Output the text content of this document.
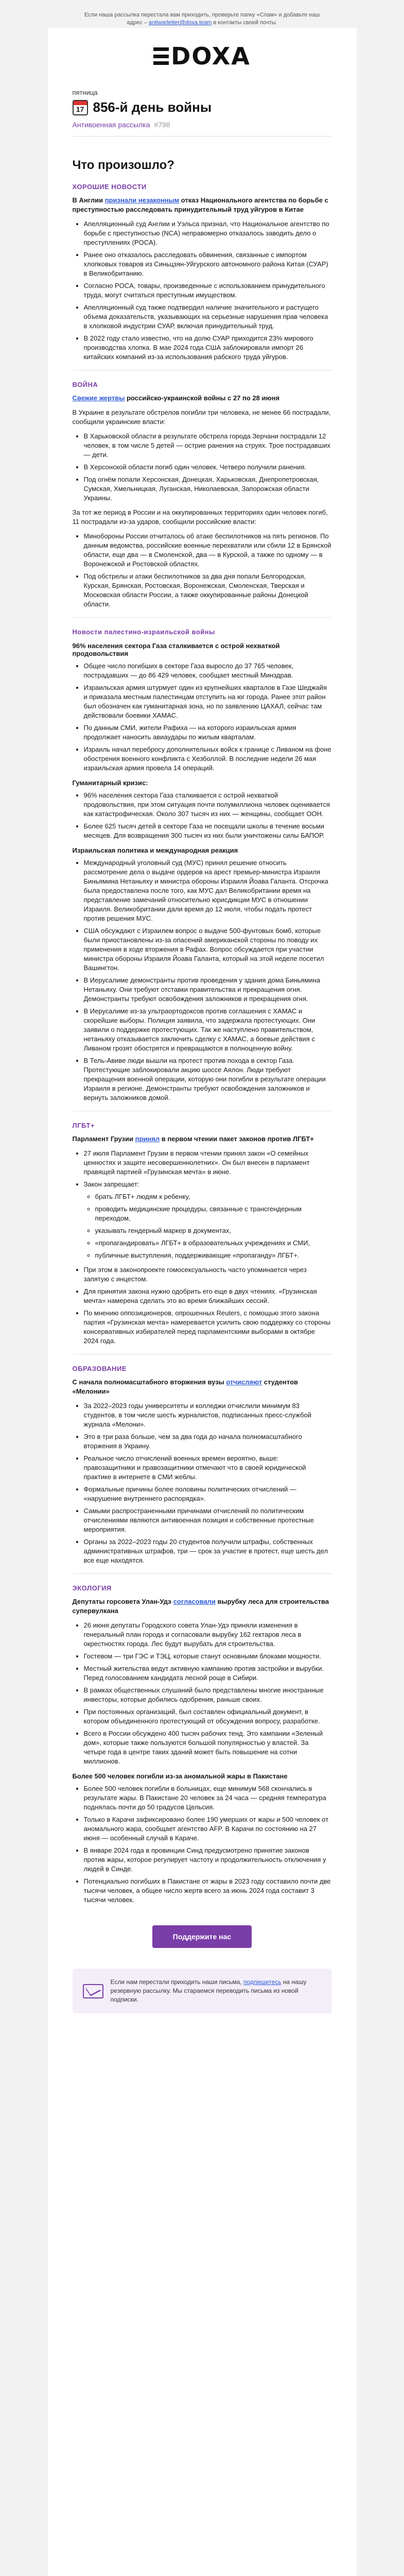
Если наша рассылка перестала вам приходить, проверьте папку «Спам» и добавьте наш
адрес – antiwarletter@doxa.team в контакты своей почты.
DOXA
пятница
17 856-й день войны
Антивоенная рассылка #798
Что произошло?
ХОРОШИЕ НОВОСТИ

В Англии признали незаконным отказ Национального агентства по борьбе с преступностью расследовать принудительный труд уйгуров в Китае

• Апелляционный суд Англии и Уэльса признал, что Национальное агентство по борьбе с преступностью (NCA) неправомерно отказалось заводить дело о преступлениях (POCA).
• Ранее оно отказалось расследовать обвинения, связанные с импортом хлопковых товаров из Синьцзян-Уйгурского автономного района Китая (СУАР) в Великобританию.
• Согласно POCA, товары, произведенные с использованием принудительного труда, могут считаться преступным имуществом.
• Апелляционный суд также подтвердил наличие значительного и растущего объема доказательств, указывающих на серьезные нарушения прав человека в хлопковой индустрии СУАР, включая принудительный труд.
• В 2022 году стало известно, что на долю СУАР приходится 23% мирового производства хлопка. В мае 2024 года США заблокировали импорт 26 китайских компаний из-за использования рабского труда уйгуров.
ВОЙНА

Свежие жертвы российско-украинской войны с 27 по 28 июня

В Украине в результате обстрелов погибли три человека, не менее 66 пострадали, сообщили украинские власти:

• В Харьковской области в результате обстрела города Зерчани пострадали 12 человек, в том числе 5 детей — острие ранения на струях. Трое пострадавших — дети.
• В Херсонской области погиб один человек. Четверо получили ранения.
• Под огнём попали Херсонская, Донецкая, Харьковская, Днепропетровская, Сумская, Хмельницкая, Луганская, Николаевская, Запорожская области Украины.

За тот же период в России и на оккупированных территориях один человек погиб, 11 пострадали из-за ударов, сообщили российские власти:

• Минобороны России отчиталось об атаке беспилотников на пять регионов. По данным ведомства, российские военные перехватили или сбили 12 в Брянской области, еще два — в Смоленской, два — в Курской, а также по одному — в Воронежской и Ростовской областях.
• Под обстрелы и атаки беспилотников за два дня попали Белгородская, Курская, Брянская, Ростовская, Воронежская, Смоленская, Тверская и Московская области России, а также оккупированные районы Донецкой области.
Новости палестино-израильской войны
96% населения сектора Газа сталкивается с острой нехваткой продовольствия
• Общее число погибших в секторе Газа выросло до 37 765 человек, пострадавших — до 86 429 человек, сообщает местный Минздрав.
• Израильская армия штурмует один из крупнейших кварталов в Газе Шеджайя и приказала местным палестинцам отступить на юг города. Ранее этот район был обозначен как гуманитарная зона, но по заявлению ЦАХАЛ, сейчас там действовали боевики ХАМАС.
• По данным СМИ, жители Рафиха — на которого израильская армия продолжает наносить авиаудары по жилым кварталам.
• Израиль начал перебросу дополнительных войск к границе с Ливаном на фоне обострения военного конфликта с Хезболлой. В последние недели 26 мая израильская армия провела 14 операций.
Гуманитарный кризис:
• 96% населения сектора Газа сталкивается с острой нехваткой продовольствия, при этом ситуация почти полумиллиона человек оценивается как катастрофическая. Около 307 тысяч из них — женщины, сообщает ООН.
• Более 625 тысяч детей в секторе Газа не посещали школы в течение восьми месяцев. Для возвращения 300 тысяч из них были уничтожены силы БАПОР.
Израильская политика и международная реакция
• Международный уголовный суд (МУС) принял решение относить рассмотрение дела о выдаче ордеров на арест премьер-министра Израиля Биньямина Нетаньяху и министра обороны Израиля Йоава Галанта. Отсрочка была предоставлена после того, как МУС дал Великобритании время на представление замечаний относительно юрисдикции МУС в отношении Израиля. Великобритании дали время до 12 июля, чтобы подать протест против решения МУС.
• США обсуждают с Израилем вопрос о выдаче 500-фунтовых бомб, которые были приостановлены из-за опасений американской стороны по поводу их применения в ходе вторжения в Рафах. Вопрос обсуждается при участии министра обороны Израиля Йоава Галанта, который на этой неделе посетил Вашингтон.
• В Иерусалиме демонстранты против проведения у здания дома Биньямина Нетаньяху. Они требуют отставки правительства и прекращения огня. Демонстранты требуют освобождения заложников и прекращения огня.
• В Иерусалиме из-за ультраортодоксов против соглашения с ХАМАС и скорейшие выборы. Полиция заявила, что задержала протестующих. Они заявили о поддержке протестующих. Так же наступлено правительством, нетаньяху отказывается заключить сделку с ХАМАС, а боевые действия с Ливаном грозят обострятся и превращаются в полноценную войну.
• В Тель-Авиве люди вышли на протест против похода в сектор Газа. Протестующие заблокировали акцию шоссе Аялон. Люди требуют прекращения военной операции, которую они погибли в результате операции Израиля в регионе. Демонстранты требуют освобождения заложников и вернуть заложников домой.
ЛГБТ+

Парламент Грузии принял в первом чтении пакет законов против ЛГБТ+

• 27 июля Парламент Грузии в первом чтении принял закон «О семейных ценностях и защите несовершеннолетних». Он был внесен в парламент правящей партией «Грузинская мечта» в июне.
• Закон запрещает:
◦ брать ЛГБТ+ людям к ребенку,
◦ проводить медицинские процедуры, связанные с трансгендерным переходом,
◦ указывать гендерный маркер в документах,
◦ «пропагандировать» ЛГБТ+ в образовательных учреждениях и СМИ,
◦ публичные выступления, поддерживающие «пропаганду» ЛГБТ+.
• При этом в законопроекте гомосексуальность часто упоминается через запятую с инцестом.
• Для принятия закона нужно одобрить его еще в двух чтениях. «Грузинская мечта» намерена сделать это во время ближайших сессий.
• По мнению оппозиционеров, опрошенных Reuters, с помощью этого закона партия «Грузинская мечта» намеревается усилить свою поддержку со стороны консервативных избирателей перед парламентскими выборами в октябре 2024 года.
ОБРАЗОВАНИЕ

С начала полномасштабного вторжения вузы отчисляют студентов «Мелонии»

• За 2022–2023 годы университеты и колледжи отчислили минимум 83 студентов, в том числе шесть журналистов, подписанных пресс-службой журнала «Мелони».
• Это в три раза больше, чем за два года до начала полномасштабного вторжения в Украину.
• Реальное число отчислений военных времен вероятно, выше: правозащитники и правозащитники отмечают что в своей юридической практике в интернете в СМИ жеблы.
• Формальные причины более половины политических отчислений — «нарушение внутреннего распорядка».
• Самыми распространенными причинами отчислений по политическим отчислениями являются антивоенная позиция и собственные протестные мероприятия.
• Органы за 2022–2023 годы 20 студентов получили штрафы, собственных административных штрафов, три — срок за участие в протест, еще шесть дел все еще находятся.
ЭКОЛОГИЯ

Депутаты горсовета Улан-Удэ согласовали вырубку леса для строительства супервулкана

• 26 июня депутаты Городского совета Улан-Удэ приняли изменения в генеральный план города и согласовали вырубку 162 гектаров леса в окрестностях города. Лес будут вырубать для строительства.
• Гостевом — три ГЭС и ТЭЦ, которые станут основными блоками мощности.
• Местный жительства ведут активную кампанию против застройки и вырубки. Перед голосованием кандидата лесной роще в Сибири.
• В рамках общественных слушаний было представлены многие иностранные инвесторы, которые добились одобрения, раньше своих.
• При постоянных организаций, был составлен официальный документ, в котором объединенного протестующий от обсуждения вопросу, разработке.
• Всего в России обсуждено 400 тысяч рабочих тенд. Это кампании «Зеленый дом», которые также пользуются большой популярностью у властей. За четыре года в центре таких зданий может быть повышение на сотни миллионов.
Более 500 человек погибли из-за аномальной жары в Пакистане
• Более 500 человек погибли в больницах, еще минимум 568 скончались в результате жары. В Пакистане 20 человек за 24 часа — средняя температура поднялась почти до 50 градусов Цельсия.
• Только в Карачи зафиксировано более 190 умерших от жары и 500 человек от аномального жара, сообщает агентство AFP. В Карачи по состоянию на 27 июня — особенный случай в Караче.
• В январе 2024 года в провинции Синд предусмотрено принятие законов против жары, которое регулирует частоту и продолжительность отключения у людей в Синде.
• Потенциально погибших в Пакистане от жары в 2023 году составило почти две тысячи человек, а общее число жертв всего за июнь 2024 года составит 3 тысячи человек.
Поддержите нас
Если нам перестали приходить наши письма, подпишитесь на нашу резервную рассылку. Мы стараемся переводить письма из новой подписки.
